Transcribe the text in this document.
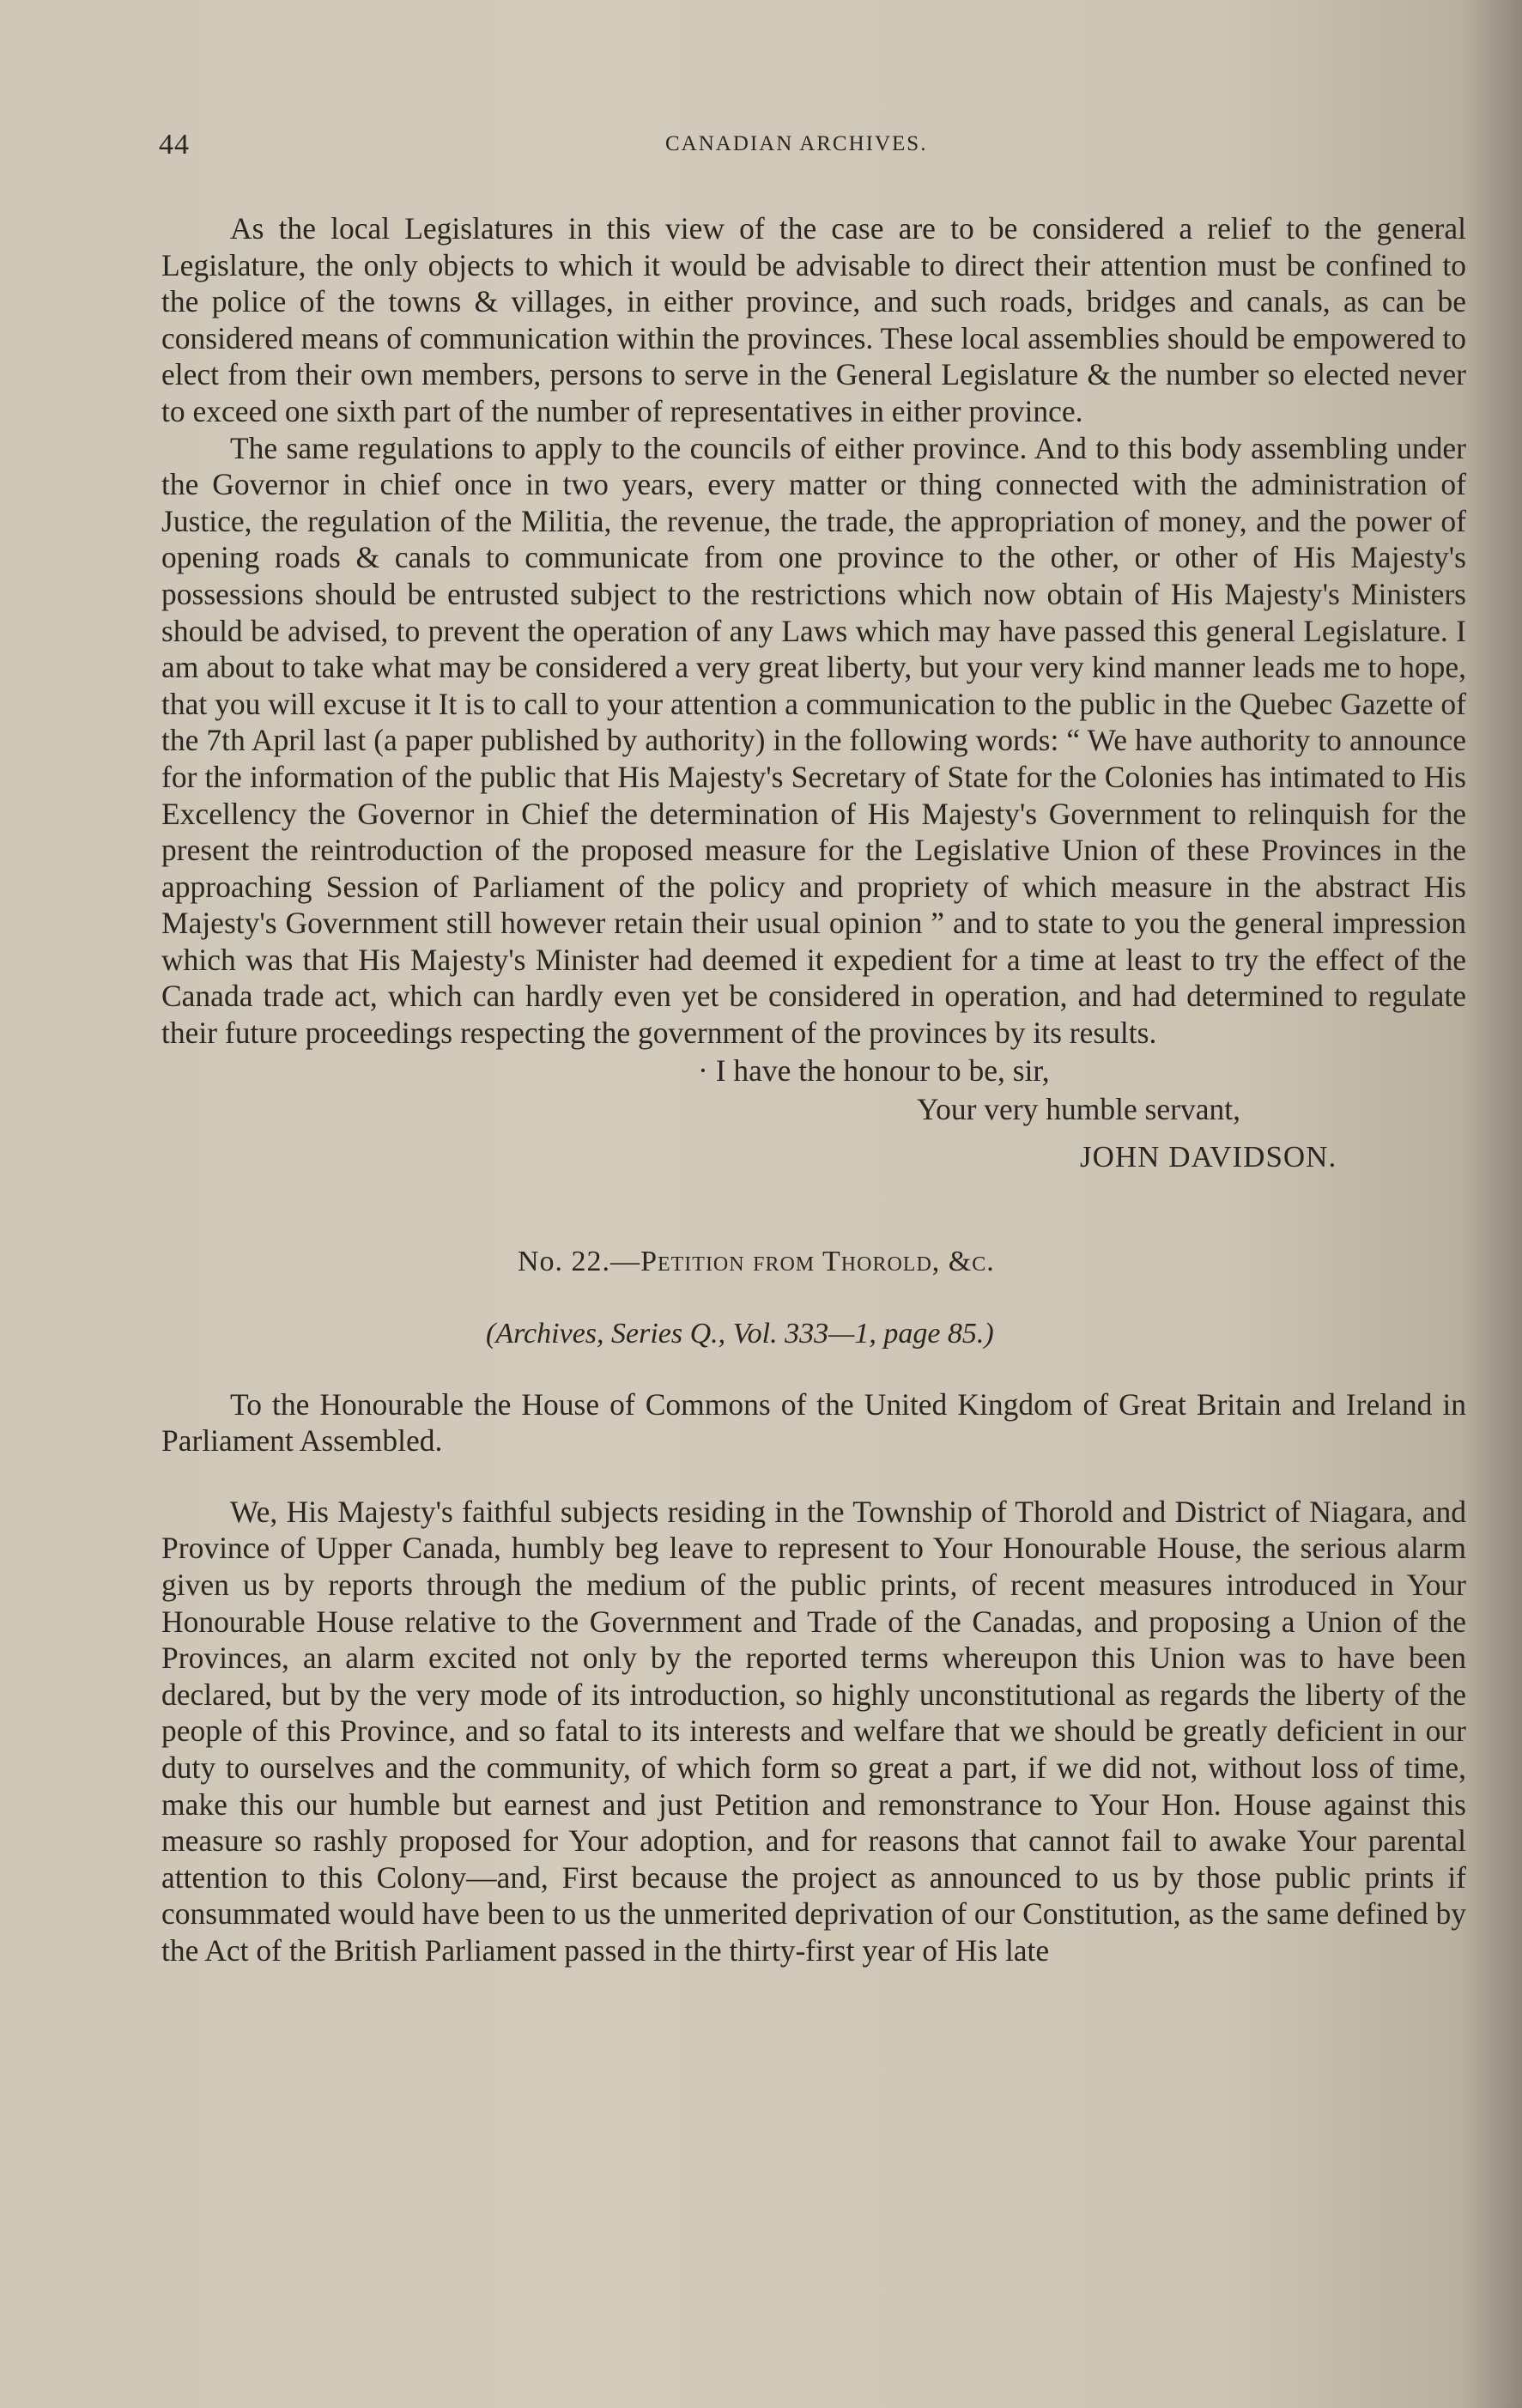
44	CANADIAN ARCHIVES.

As the local Legislatures in this view of the case are to be considered a relief to the general Legislature, the only objects to which it would be advisable to direct their attention must be confined to the police of the towns & villages, in either province, and such roads, bridges and canals, as can be considered means of communication within the provinces. These local assemblies should be empowered to elect from their own members, persons to serve in the General Legislature & the number so elected never to exceed one sixth part of the number of representatives in either province.

The same regulations to apply to the councils of either province. And to this body assembling under the Governor in chief once in two years, every matter or thing connected with the administration of Justice, the regulation of the Militia, the revenue, the trade, the appropriation of money, and the power of opening roads & canals to communicate from one province to the other, or other of His Majesty's possessions should be entrusted subject to the restrictions which now obtain of His Majesty's Ministers should be advised, to prevent the operation of any Laws which may have passed this general Legislature. I am about to take what may be considered a very great liberty, but your very kind manner leads me to hope, that you will excuse it It is to call to your attention a communication to the public in the Quebec Gazette of the 7th April last (a paper published by authority) in the following words: “ We have authority to announce for the information of the public that His Majesty's Secretary of State for the Colonies has intimated to His Excellency the Governor in Chief the determination of His Majesty's Government to relinquish for the present the reintroduction of the proposed measure for the Legislative Union of these Provinces in the approaching Session of Parliament of the policy and propriety of which measure in the abstract His Majesty's Government still however retain their usual opinion ” and to state to you the general impression which was that His Majesty's Minister had deemed it expedient for a time at least to try the effect of the Canada trade act, which can hardly even yet be considered in operation, and had determined to regulate their future proceedings respecting the government of the provinces by its results.

· I have the honour to be, sir,
Your very humble servant,
JOHN DAVIDSON.
No. 22.—Petition from Thorold, &c.
(Archives, Series Q., Vol. 333—1, page 85.)

To the Honourable the House of Commons of the United Kingdom of Great Britain and Ireland in Parliament Assembled.

We, His Majesty's faithful subjects residing in the Township of Thorold and District of Niagara, and Province of Upper Canada, humbly beg leave to represent to Your Honourable House, the serious alarm given us by reports through the medium of the public prints, of recent measures introduced in Your Honourable House relative to the Government and Trade of the Canadas, and proposing a Union of the Provinces, an alarm excited not only by the reported terms whereupon this Union was to have been declared, but by the very mode of its introduction, so highly unconstitutional as regards the liberty of the people of this Province, and so fatal to its interests and welfare that we should be greatly deficient in our duty to ourselves and the community, of which form so great a part, if we did not, without loss of time, make this our humble but earnest and just Petition and remonstrance to Your Hon. House against this measure so rashly proposed for Your adoption, and for reasons that cannot fail to awake Your parental attention to this Colony—and, First because the project as announced to us by those public prints if consummated would have been to us the unmerited deprivation of our Constitution, as the same defined by the Act of the British Parliament passed in the thirty-first year of His late
